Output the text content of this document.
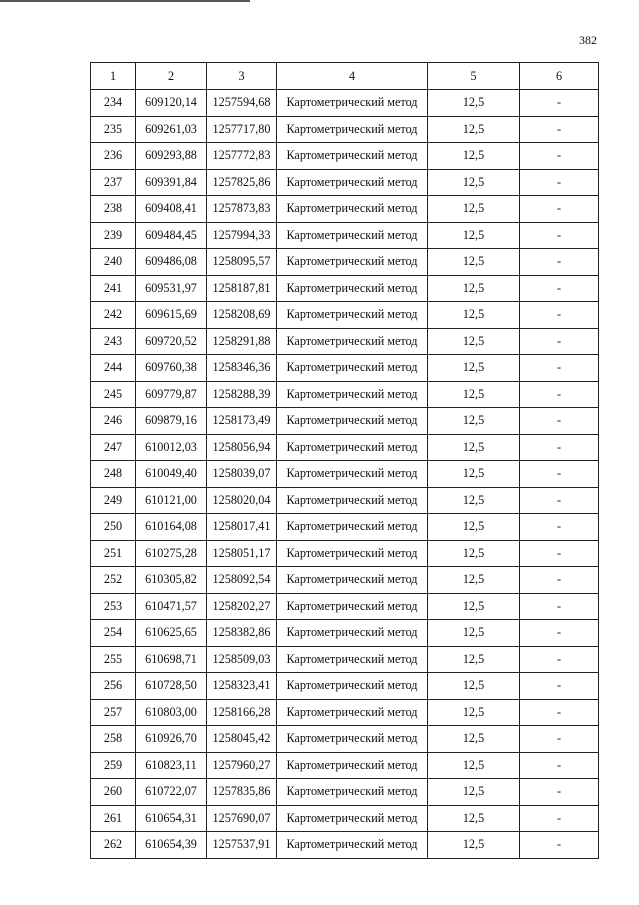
382
1	2	3	4	5	6
234	609120,14	1257594,68	Картометрический метод	12,5	-
235	609261,03	1257717,80	Картометрический метод	12,5	-
236	609293,88	1257772,83	Картометрический метод	12,5	-
237	609391,84	1257825,86	Картометрический метод	12,5	-
238	609408,41	1257873,83	Картометрический метод	12,5	-
239	609484,45	1257994,33	Картометрический метод	12,5	-
240	609486,08	1258095,57	Картометрический метод	12,5	-
241	609531,97	1258187,81	Картометрический метод	12,5	-
242	609615,69	1258208,69	Картометрический метод	12,5	-
243	609720,52	1258291,88	Картометрический метод	12,5	-
244	609760,38	1258346,36	Картометрический метод	12,5	-
245	609779,87	1258288,39	Картометрический метод	12,5	-
246	609879,16	1258173,49	Картометрический метод	12,5	-
247	610012,03	1258056,94	Картометрический метод	12,5	-
248	610049,40	1258039,07	Картометрический метод	12,5	-
249	610121,00	1258020,04	Картометрический метод	12,5	-
250	610164,08	1258017,41	Картометрический метод	12,5	-
251	610275,28	1258051,17	Картометрический метод	12,5	-
252	610305,82	1258092,54	Картометрический метод	12,5	-
253	610471,57	1258202,27	Картометрический метод	12,5	-
254	610625,65	1258382,86	Картометрический метод	12,5	-
255	610698,71	1258509,03	Картометрический метод	12,5	-
256	610728,50	1258323,41	Картометрический метод	12,5	-
257	610803,00	1258166,28	Картометрический метод	12,5	-
258	610926,70	1258045,42	Картометрический метод	12,5	-
259	610823,11	1257960,27	Картометрический метод	12,5	-
260	610722,07	1257835,86	Картометрический метод	12,5	-
261	610654,31	1257690,07	Картометрический метод	12,5	-
262	610654,39	1257537,91	Картометрический метод	12,5	-
